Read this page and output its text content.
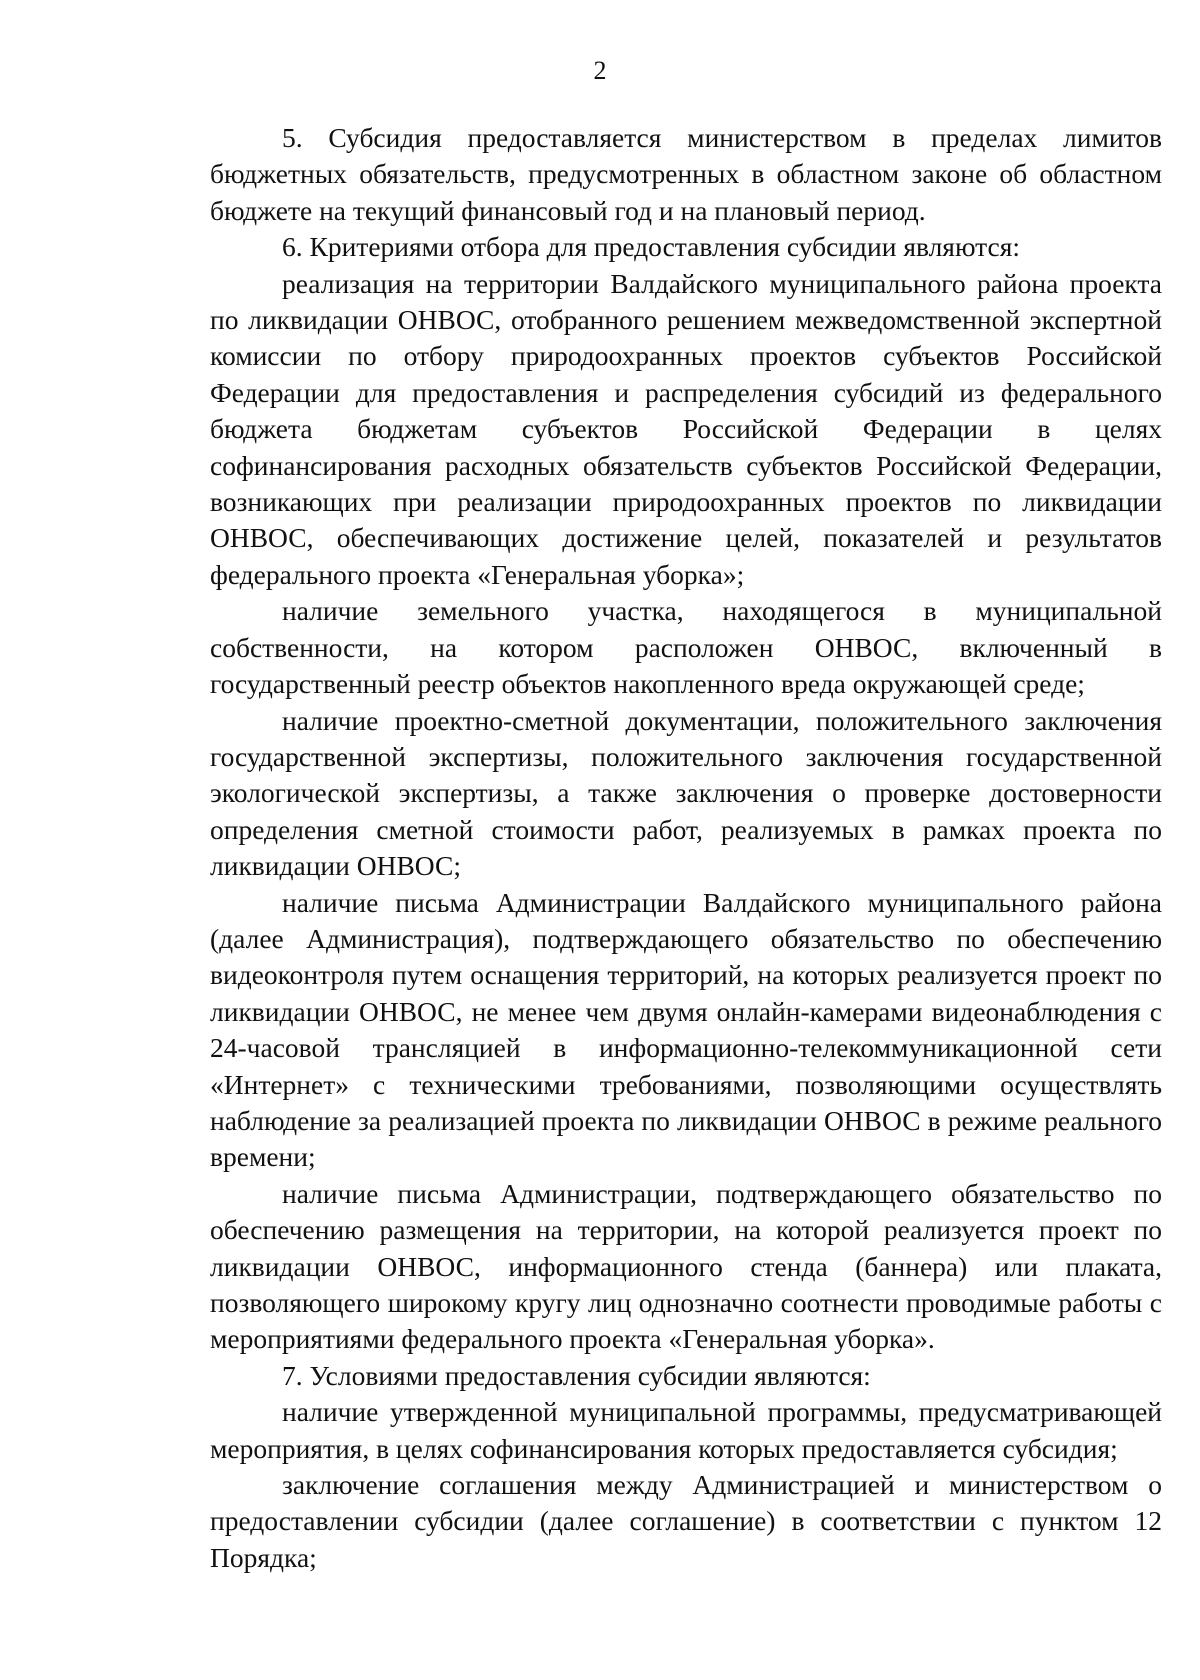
2

5. Субсидия предоставляется министерством в пределах лимитов бюджетных обязательств, предусмотренных в областном законе об областном бюджете на текущий финансовый год и на плановый период.

6. Критериями отбора для предоставления субсидии являются:

реализация на территории Валдайского муниципального района проекта по ликвидации ОНВОС, отобранного решением межведомственной экспертной комиссии по отбору природоохранных проектов субъектов Российской Федерации для предоставления и распределения субсидий из федерального бюджета бюджетам субъектов Российской Федерации в целях софинансирования расходных обязательств субъектов Российской Федерации, возникающих при реализации природоохранных проектов по ликвидации ОНВОС, обеспечивающих достижение целей, показателей и результатов федерального проекта «Генеральная уборка»;

наличие земельного участка, находящегося в муниципальной собственности, на котором расположен ОНВОС, включенный в государственный реестр объектов накопленного вреда окружающей среде;

наличие проектно-сметной документации, положительного заключения государственной экспертизы, положительного заключения государственной экологической экспертизы, а также заключения о проверке достоверности определения сметной стоимости работ, реализуемых в рамках проекта по ликвидации ОНВОС;

наличие письма Администрации Валдайского муниципального района (далее Администрация), подтверждающего обязательство по обеспечению видеоконтроля путем оснащения территорий, на которых реализуется проект по ликвидации ОНВОС, не менее чем двумя онлайн-камерами видеонаблюдения с 24-часовой трансляцией в информационно-телекоммуникационной сети «Интернет» с техническими требованиями, позволяющими осуществлять наблюдение за реализацией проекта по ликвидации ОНВОС в режиме реального времени;

наличие письма Администрации, подтверждающего обязательство по обеспечению размещения на территории, на которой реализуется проект по ликвидации ОНВОС, информационного стенда (баннера) или плаката, позволяющего широкому кругу лиц однозначно соотнести проводимые работы с мероприятиями федерального проекта «Генеральная уборка».

7. Условиями предоставления субсидии являются:

наличие утвержденной муниципальной программы, предусматривающей мероприятия, в целях софинансирования которых предоставляется субсидия;

заключение соглашения между Администрацией и министерством о предоставлении субсидии (далее соглашение) в соответствии с пунктом 12 Порядка;
